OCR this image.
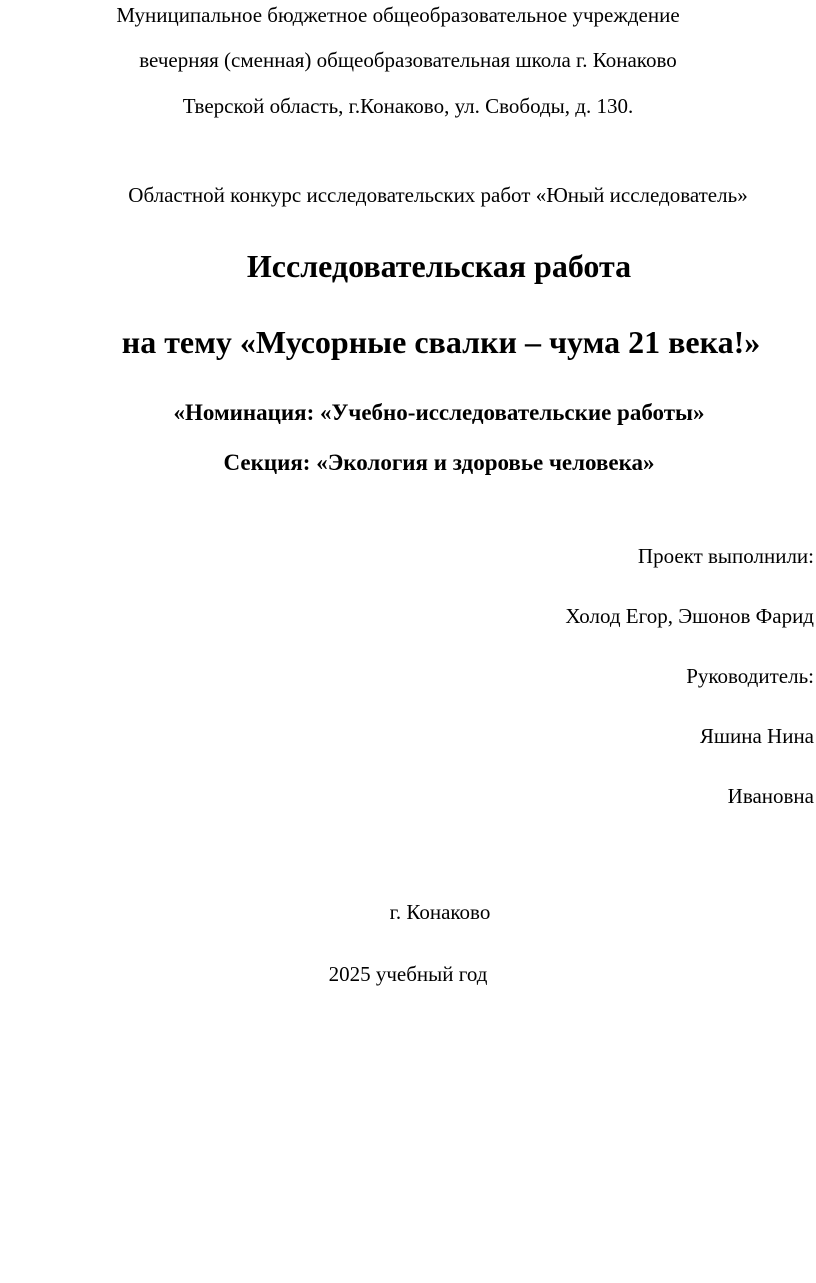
Муниципальное бюджетное общеобразовательное учреждение
вечерняя (сменная) общеобразовательная школа г. Конаково
Тверской область, г.Конаково, ул. Свободы, д. 130.
Областной конкурс исследовательских работ «Юный исследователь»
Исследовательская работа
на тему «Мусорные свалки – чума 21 века!»
«Номинация: «Учебно-исследовательские работы»
Секция: «Экология и здоровье человека»
Проект выполнили:
Холод Егор, Эшонов Фарид
Руководитель:
Яшина Нина
Ивановна
г. Конаково
2025 учебный год
